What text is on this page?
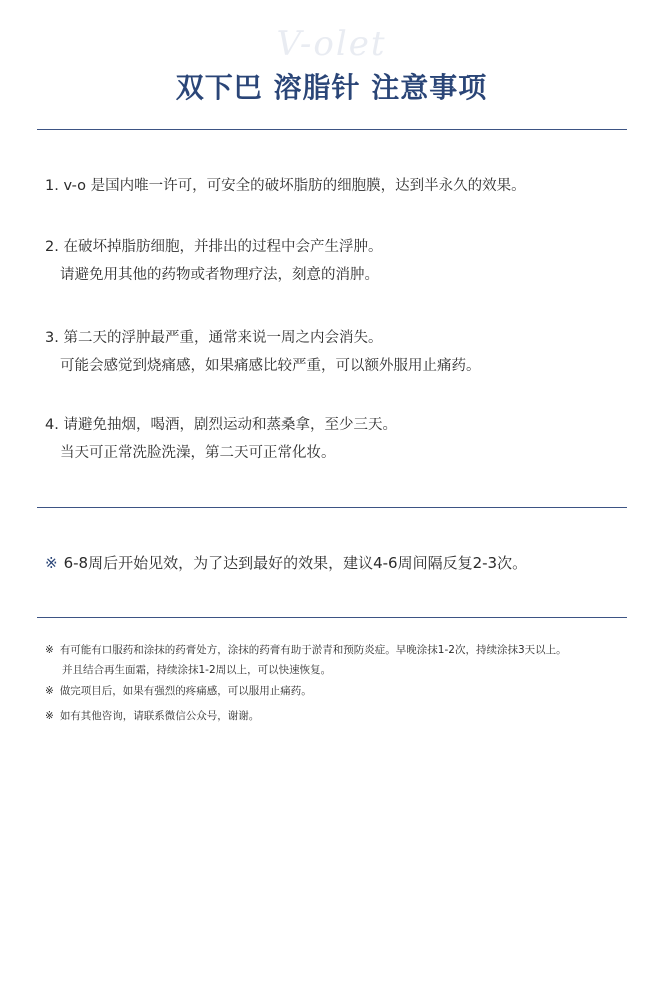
V-olet
双下巴 溶脂针 注意事项
1. v-o 是国内唯一许可，可安全的破坏脂肪的细胞膜，达到半永久的效果。
2. 在破坏掉脂肪细胞，并排出的过程中会产生浮肿。
请避免用其他的药物或者物理疗法，刻意的消肿。
3. 第二天的浮肿最严重，通常来说一周之内会消失。
可能会感觉到烧痛感，如果痛感比较严重，可以额外服用止痛药。
4. 请避免抽烟，喝酒，剧烈运动和蒸桑拿，至少三天。
当天可正常洗脸洗澡，第二天可正常化妆。
※ 6-8周后开始见效，为了达到最好的效果，建议4-6周间隔反复2-3次。
※ 有可能有口服药和涂抹的药膏处方，涂抹的药膏有助于淤青和预防炎症。早晚涂抹1-2次，持续涂抹3天以上。
并且结合再生面霜，持续涂抹1-2周以上，可以快速恢复。
※ 做完项目后，如果有强烈的疼痛感，可以服用止痛药。
※ 如有其他咨询，请联系微信公众号，谢谢。
